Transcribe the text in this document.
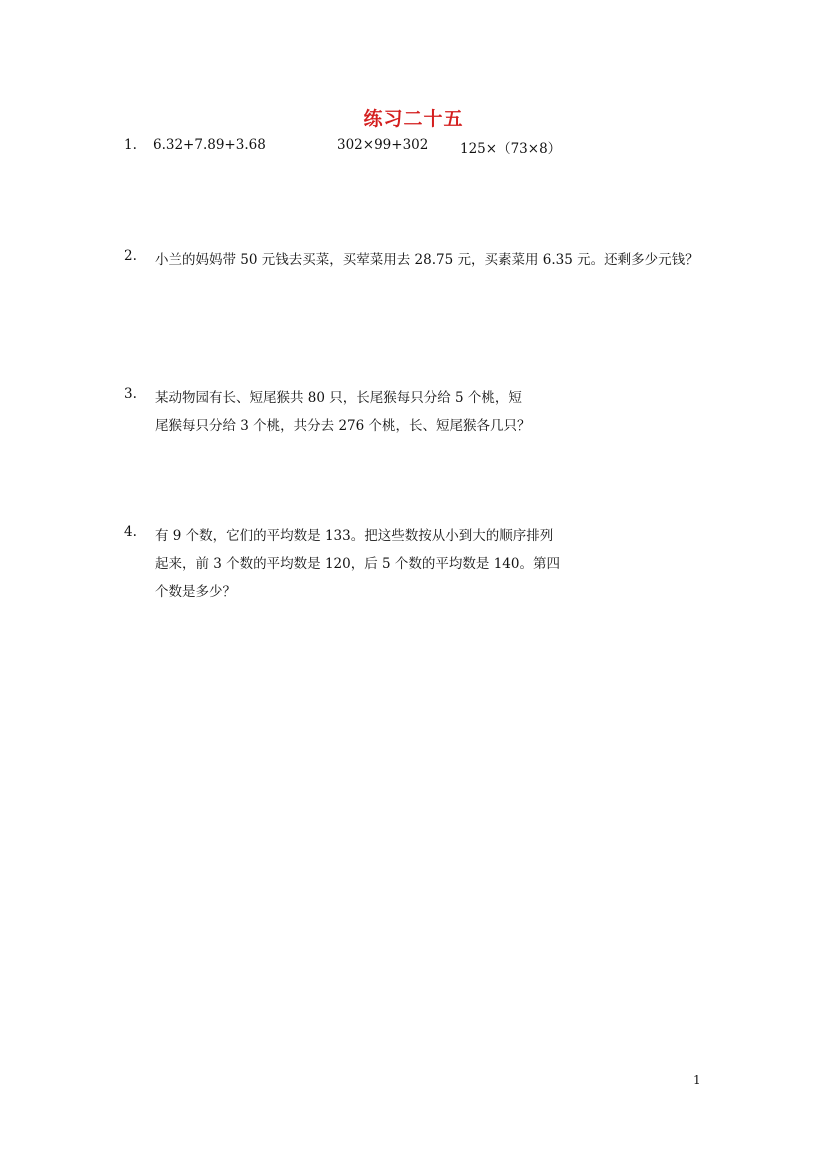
练习二十五
1. 6.32+7.89+3.68	302×99+302 125×（73×8）
2. 小兰的妈妈带 50 元钱去买菜，买荤菜用去 28.75 元，买素菜用 6.35 元。还剩多少元钱？
3. 某动物园有长、短尾猴共 80 只，长尾猴每只分给 5 个桃，短
尾猴每只分给 3 个桃，共分去 276 个桃，长、短尾猴各几只？
4. 有 9 个数，它们的平均数是 133。把这些数按从小到大的顺序排列
起来，前 3 个数的平均数是 120，后 5 个数的平均数是 140。第四
个数是多少？
1
